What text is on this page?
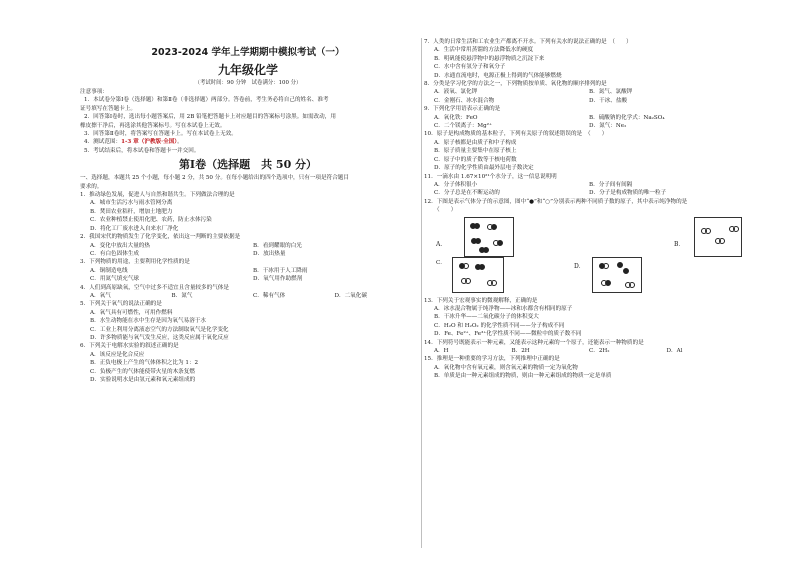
2023-2024 学年上学期期中模拟考试（一）
九年级化学
（考试时间：90 分钟　试卷满分：100 分）
注意事项：
1．本试卷分第Ⅰ卷（选择题）和第Ⅱ卷（非选择题）两部分。答卷前，考生务必将自己的姓名、准考
证号填写在答题卡上。
2．回答第Ⅰ卷时，选出每小题答案后，用 2B 铅笔把答题卡上对应题目的答案标号涂黑。如需改动，用
橡皮擦干净后，再选涂其他答案标号。写在本试卷上无效。
3．回答第Ⅱ卷时，将答案写在答题卡上。写在本试卷上无效。
4．测试范围：1-3 章（沪教版·全国）。
5．考试结束后，将本试卷和答题卡一并交回。
第Ⅰ卷（选择题　共 50 分）
一、选择题，本题共 25 个小题，每小题 2 分，共 50 分。在每小题给出的四个选项中，只有一项是符合题目
要求的。
1．推动绿色发展，促进人与自然和谐共生。下列做法合理的是
A．城市生活污水与雨水管网分离
B．焚田农业秸秆，增加土地肥力
C．农业种植禁止使用化肥、农药，防止水体污染
D．将化工厂废水进入自来水厂净化
2．我国宋代的物质发生了化学变化，依出这一判断的主要依据是
A．变化中放出大量的热	B．看到耀眼的白光
C．有白色固体生成	D．放出热量
3．下列物质的用途，主要利用化学性质的是
A．铜制造电线	B．干冰用于人工降雨
C．用氮气填充气球	D．氧气用作助燃剂
4．人们到高原缺氧，空气中过多不适宜且含量较多的气体是
A．氧气	B．氮气	C．稀有气体	D．二氧化碳
5．下列关于氧气的说法正确的是
A．氧气具有可燃性，可用作燃料
B．水生动物能在水中生存是因为氧气易溶于水
C．工业上利用分离液态空气的方法制取氧气是化学变化
D．许多物质能与氧气发生反应，这类反应属于氧化反应
6．下列关于电解水实验的叙述正确的是
A．该反应是化合反应
B．正负电极上产生的气体体积之比为 1：2
C．负极产生的气体能使带火星的木条复燃
D．实验说明水是由氢元素和氧元素组成的
7．人类的日常生活和工农业生产都离不开水。下列有关水的说法正确的是　（　　）
A．生活中常用蒸馏的方法降低水的硬度
B．明矾能使悬浮物中的悬浮物质之沉淀下来
C．水中含有氢分子和氧分子
D．水通直流电时，电源正极上得到的气体能够燃烧
8．分类是学习化学的方法之一，下列物质按单质、氧化物的顺序排列的是
A．液氧、氯化钾	B．氮气、氯酸钾
C．金刚石、冰水混合物	D．干冰、盐酸
9．下列化学用语表示正确的是
A．氧化铁：FeO	B．硫酸钠的化学式：Na₂SO₄
C．二个镁离子：Mg²⁺	D．氮气：Ne₂
10．原子是构成物质的基本粒子，下列有关原子的叙述错误的是　（　　）
A．原子核都是由质子和中子构成
B．原子质量主要集中在原子核上
C．原子中的质子数等于核电荷数
D．原子的化学性质由最外层电子数决定
11．一滴水由 1.67×10²¹个水分子，这一信息说明明
A．分子体积很小	B．分子间有间隔
C．分子总是在不断运动的	D．分子是构成物质的唯一粒子
12．下图是表示气体分子的示意图，图中“●”和“○”分别表示两种不同质子数的原子，其中表示纯净物的是
（　　）
A．	B．
D．
C．
13．下列关于宏观事实的微观解释，正确的是
A．冰水混合物属于纯净物——冰和水都含有相同的原子
B．干冰升华——二氧化碳分子的体积变大
C．H₂O 和 H₂O₂ 的化学性质不同——分子构成不同
D．Fe、Fe²⁺、Fe³⁺化学性质不同——微粒中的质子数不同
14．下列符号既能表示一种元素，又能表示这种元素的一个原子，还能表示一种物质的是
A．H	B．2H	C．2H₂	D．Al
15．推理是一种重要的学习方法，下列推理中正确的是
A．氧化物中含有氧元素，则含氧元素的物质一定为氧化物
B．单质是由一种元素组成的物质，则由一种元素组成的物质一定是单质
